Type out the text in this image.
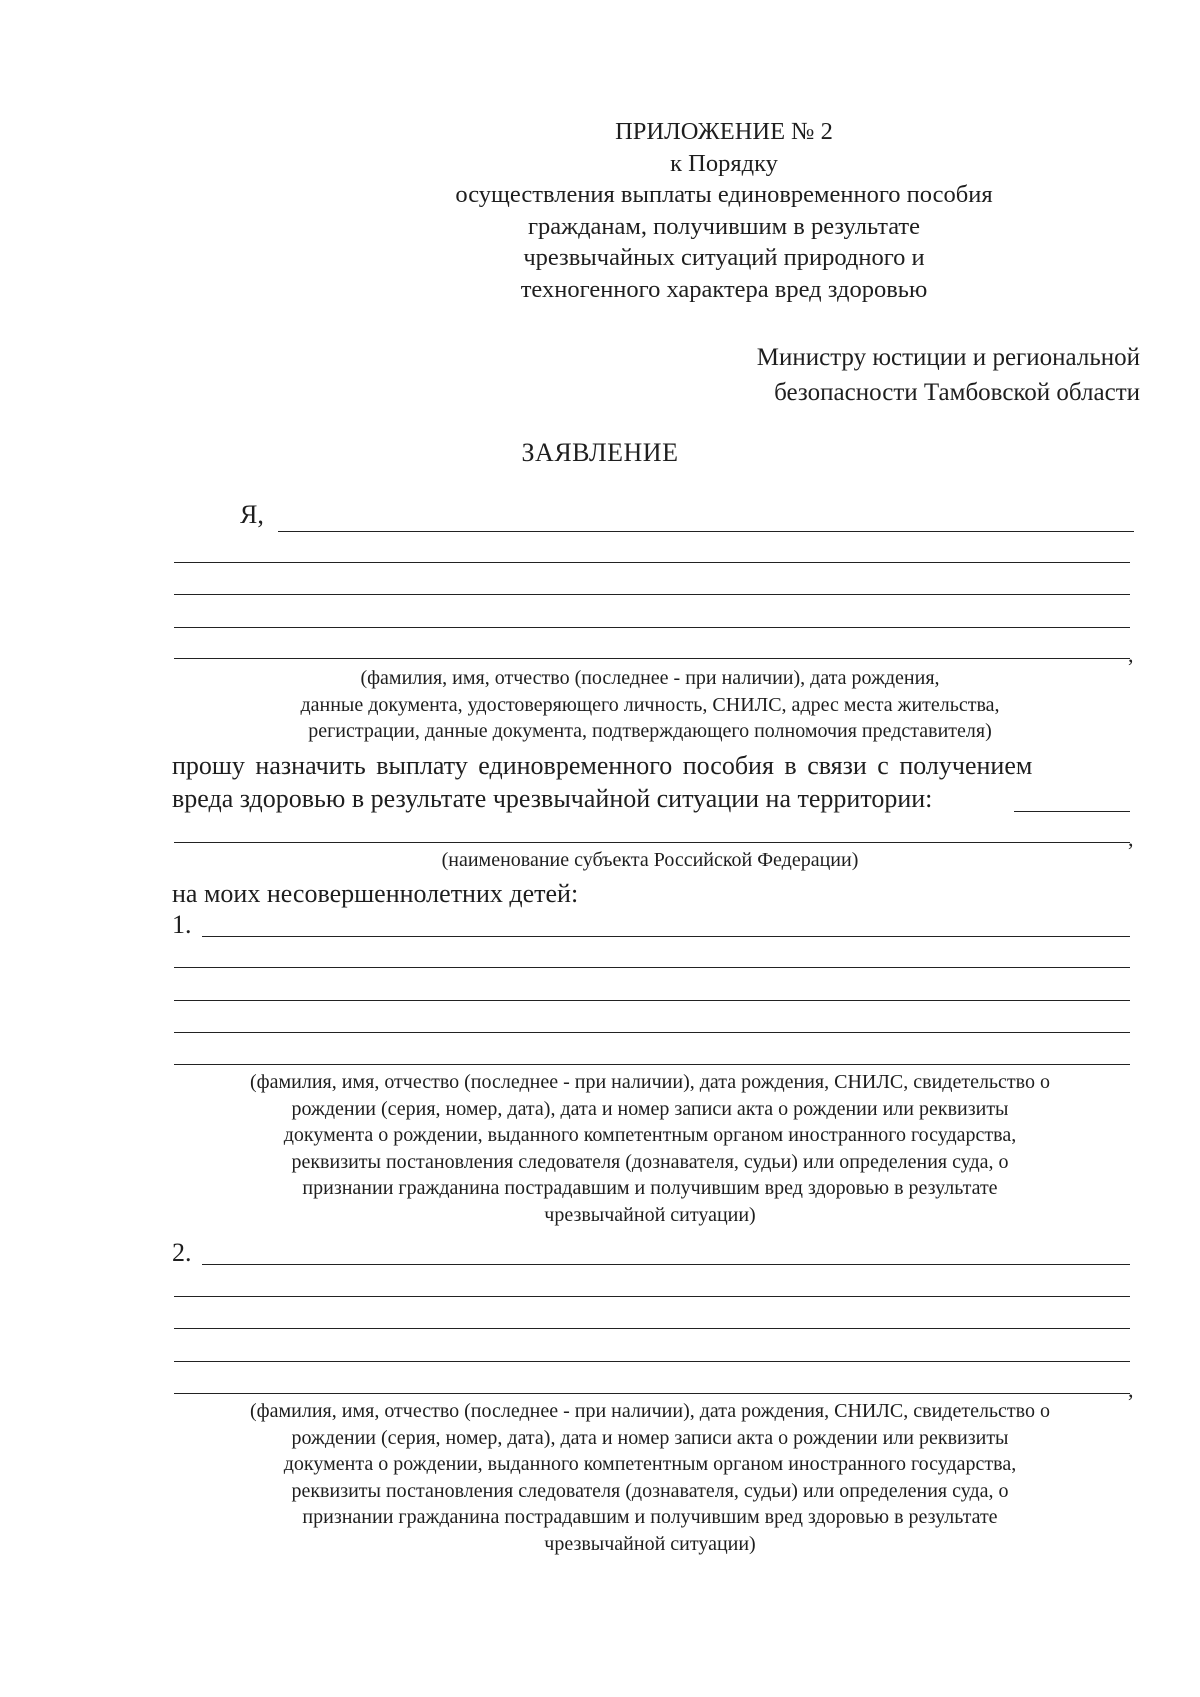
ПРИЛОЖЕНИЕ № 2
к Порядку
осуществления выплаты единовременного пособия
гражданам, получившим в результате
чрезвычайных ситуаций природного и
техногенного характера вред здоровью
Министру юстиции и региональной
безопасности Тамбовской области
ЗАЯВЛЕНИЕ
Я,
,
(фамилия, имя, отчество (последнее - при наличии), дата рождения,
данные документа, удостоверяющего личность, СНИЛС, адрес места жительства,
регистрации, данные документа, подтверждающего полномочия представителя)
прошу назначить выплату единовременного пособия в связи с получением
вреда здоровью в результате чрезвычайной ситуации на территории:
,
(наименование субъекта Российской Федерации)
на моих несовершеннолетних детей:
1.
(фамилия, имя, отчество (последнее - при наличии), дата рождения, СНИЛС, свидетельство о
рождении (серия, номер, дата), дата и номер записи акта о рождении или реквизиты
документа о рождении, выданного компетентным органом иностранного государства,
реквизиты постановления следователя (дознавателя, судьи) или определения суда, о
признании гражданина пострадавшим и получившим вред здоровью в результате
чрезвычайной ситуации)
2.
,
(фамилия, имя, отчество (последнее - при наличии), дата рождения, СНИЛС, свидетельство о
рождении (серия, номер, дата), дата и номер записи акта о рождении или реквизиты
документа о рождении, выданного компетентным органом иностранного государства,
реквизиты постановления следователя (дознавателя, судьи) или определения суда, о
признании гражданина пострадавшим и получившим вред здоровью в результате
чрезвычайной ситуации)
